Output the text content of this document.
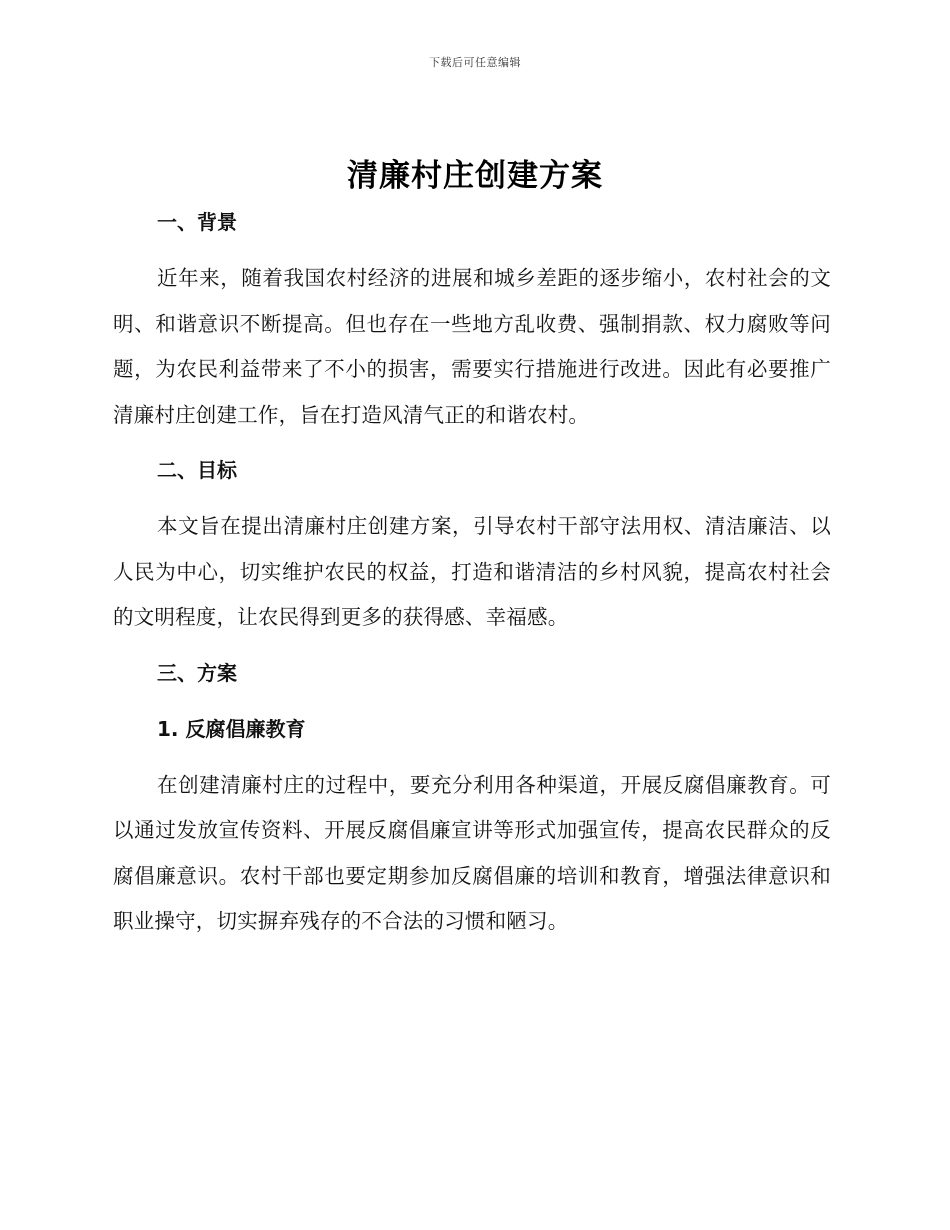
下载后可任意编辑
清廉村庄创建方案
一、背景

近年来，随着我国农村经济的进展和城乡差距的逐步缩小，农村社会的文明、和谐意识不断提高。但也存在一些地方乱收费、强制捐款、权力腐败等问题，为农民利益带来了不小的损害，需要实行措施进行改进。因此有必要推广清廉村庄创建工作，旨在打造风清气正的和谐农村。

二、目标

本文旨在提出清廉村庄创建方案，引导农村干部守法用权、清洁廉洁、以人民为中心，切实维护农民的权益，打造和谐清洁的乡村风貌，提高农村社会的文明程度，让农民得到更多的获得感、幸福感。

三、方案
1. 反腐倡廉教育

在创建清廉村庄的过程中，要充分利用各种渠道，开展反腐倡廉教育。可以通过发放宣传资料、开展反腐倡廉宣讲等形式加强宣传，提高农民群众的反腐倡廉意识。农村干部也要定期参加反腐倡廉的培训和教育，增强法律意识和职业操守，切实摒弃残存的不合法的习惯和陋习。
